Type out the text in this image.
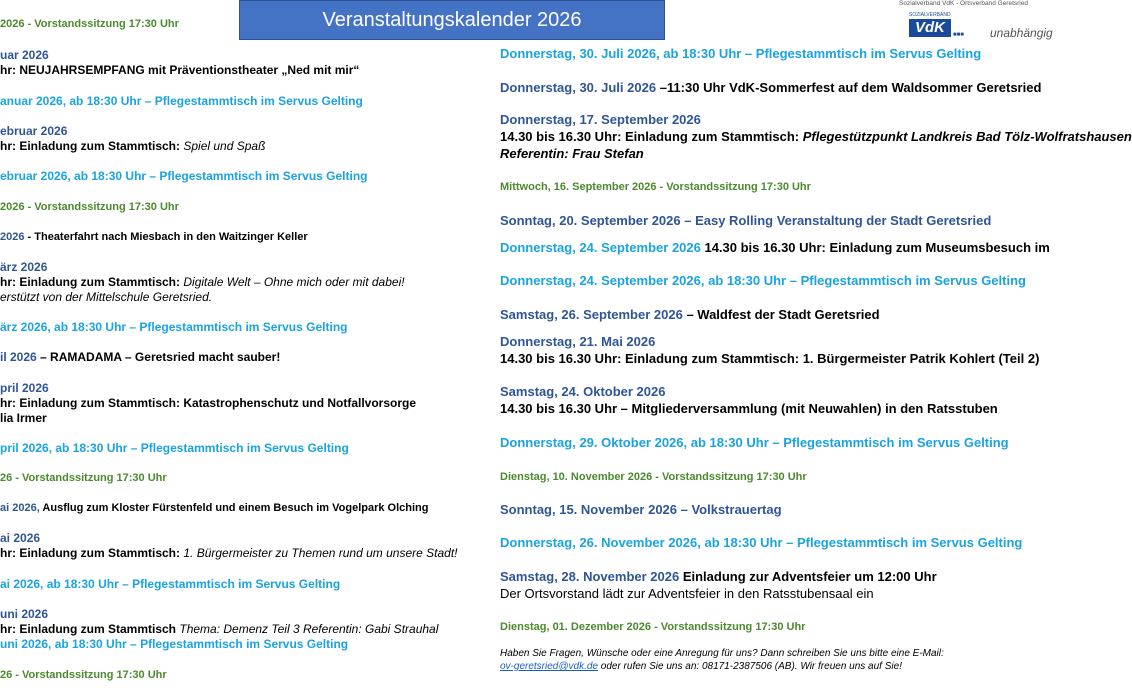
2026 - Vorstandssitzung 17:30 Uhr
uar 2026
hr: NEUJAHRSEMPFANG mit Präventionstheater „Ned mit mir“
anuar 2026, ab 18:30 Uhr – Pflegestammtisch im Servus Gelting
ebruar 2026
hr: Einladung zum Stammtisch: Spiel und Spaß
ebruar 2026, ab 18:30 Uhr – Pflegestammtisch im Servus Gelting
2026 - Vorstandssitzung 17:30 Uhr
2026 - Theaterfahrt nach Miesbach in den Waitzinger Keller
ärz 2026
hr: Einladung zum Stammtisch: Digitale Welt – Ohne mich oder mit dabei!
erstützt von der Mittelschule Geretsried.
ärz 2026, ab 18:30 Uhr – Pflegestammtisch im Servus Gelting
il 2026 – RAMADAMA – Geretsried macht sauber!
pril 2026
hr: Einladung zum Stammtisch: Katastrophenschutz und Notfallvorsorge
lia Irmer
pril 2026, ab 18:30 Uhr – Pflegestammtisch im Servus Gelting
26 - Vorstandssitzung 17:30 Uhr
ai 2026, Ausflug zum Kloster Fürstenfeld und einem Besuch im Vogelpark Olching
ai 2026
hr: Einladung zum Stammtisch: 1. Bürgermeister zu Themen rund um unsere Stadt!
ai 2026, ab 18:30 Uhr – Pflegestammtisch im Servus Gelting
uni 2026
hr: Einladung zum Stammtisch Thema: Demenz Teil 3 Referentin: Gabi Strauhal
uni 2026, ab 18:30 Uhr – Pflegestammtisch im Servus Gelting
26 - Vorstandssitzung 17:30 Uhr
Donnerstag, 30. Juli 2026, ab 18:30 Uhr – Pflegestammtisch im Servus Gelting
Donnerstag, 30. Juli 2026 –11:30 Uhr VdK-Sommerfest auf dem Waldsommer Geretsried
Donnerstag, 17. September 2026
14.30 bis 16.30 Uhr: Einladung zum Stammtisch: Pflegestützpunkt Landkreis Bad Tölz-Wolfratshausen
Referentin: Frau Stefan
Mittwoch, 16. September 2026 - Vorstandssitzung 17:30 Uhr
Sonntag, 20. September 2026 – Easy Rolling Veranstaltung der Stadt Geretsried
Donnerstag, 24. September 2026 14.30 bis 16.30 Uhr: Einladung zum Museumsbesuch im
Donnerstag, 24. September 2026, ab 18:30 Uhr – Pflegestammtisch im Servus Gelting
Samstag, 26. September 2026 – Waldfest der Stadt Geretsried
Donnerstag, 21. Mai 2026
14.30 bis 16.30 Uhr: Einladung zum Stammtisch: 1. Bürgermeister Patrik Kohlert (Teil 2)
Samstag, 24. Oktober 2026
14.30 bis 16.30 Uhr – Mitgliederversammlung (mit Neuwahlen) in den Ratsstuben
Donnerstag, 29. Oktober 2026, ab 18:30 Uhr – Pflegestammtisch im Servus Gelting
Dienstag, 10. November 2026 - Vorstandssitzung 17:30 Uhr
Sonntag, 15. November 2026 – Volkstrauertag
Donnerstag, 26. November 2026, ab 18:30 Uhr – Pflegestammtisch im Servus Gelting
Samstag, 28. November 2026 Einladung zur Adventsfeier um 12:00 Uhr
Der Ortsvorstand lädt zur Adventsfeier in den Ratsstubensaal ein
Dienstag, 01. Dezember 2026 - Vorstandssitzung 17:30 Uhr
Haben Sie Fragen, Wünsche oder eine Anregung für uns? Dann schreiben Sie uns bitte eine E-Mail:
ov-geretsried@vdk.de oder rufen Sie uns an: 08171-2387506 (AB). Wir freuen uns auf Sie!
Veranstaltungskalender 2026
Sozialverband VdK - Ortsverband Geretsried
SOZIALVERBAND
VdK	■■■ unabhängig
